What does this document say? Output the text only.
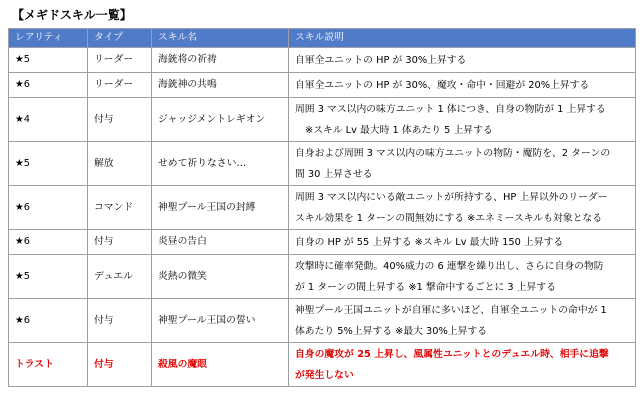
【メギドスキル一覧】
レアリティ	タイプ	スキル名	スキル説明
★5	リーダー	海銃将の祈祷	自軍全ユニットの HP が 30%上昇する

★6	リーダー	海銃神の共鳴	自軍全ユニットの HP が 30%、魔攻・命中・回避が 20%上昇する

★4	付与	ジャッジメントレギオン	周囲 3 マス以内の味方ユニット 1 体につき、自身の物防が 1 上昇する
※スキル Lv 最大時 1 体あたり 5 上昇する

★5	解放	せめて祈りなさい…	自身および周囲 3 マス以内の味方ユニットの物防・魔防を、2 ターンの
間 30 上昇させる

★6	コマンド	神聖プール王国の封縛	周囲 3 マス以内にいる敵ユニットが所持する、HP 上昇以外のリーダー
スキル効果を 1 ターンの間無効にする ※エネミースキルも対象となる

★6	付与	炎昼の告白	自身の HP が 55 上昇する ※スキル Lv 最大時 150 上昇する

★5	デュエル	炎熱の微笑	攻撃時に確率発動。40%威力の 6 連撃を繰り出し、さらに自身の物防
が 1 ターンの間上昇する ※1 撃命中するごとに 3 上昇する

★6	付与	神聖プール王国の誓い	神聖プール王国ユニットが自軍に多いほど、自軍全ユニットの命中が 1
体あたり 5%上昇する ※最大 30%上昇する

トラスト	付与	殺風の魔眼	自身の魔攻が 25 上昇し、風属性ユニットとのデュエル時、相手に追撃
が発生しない
